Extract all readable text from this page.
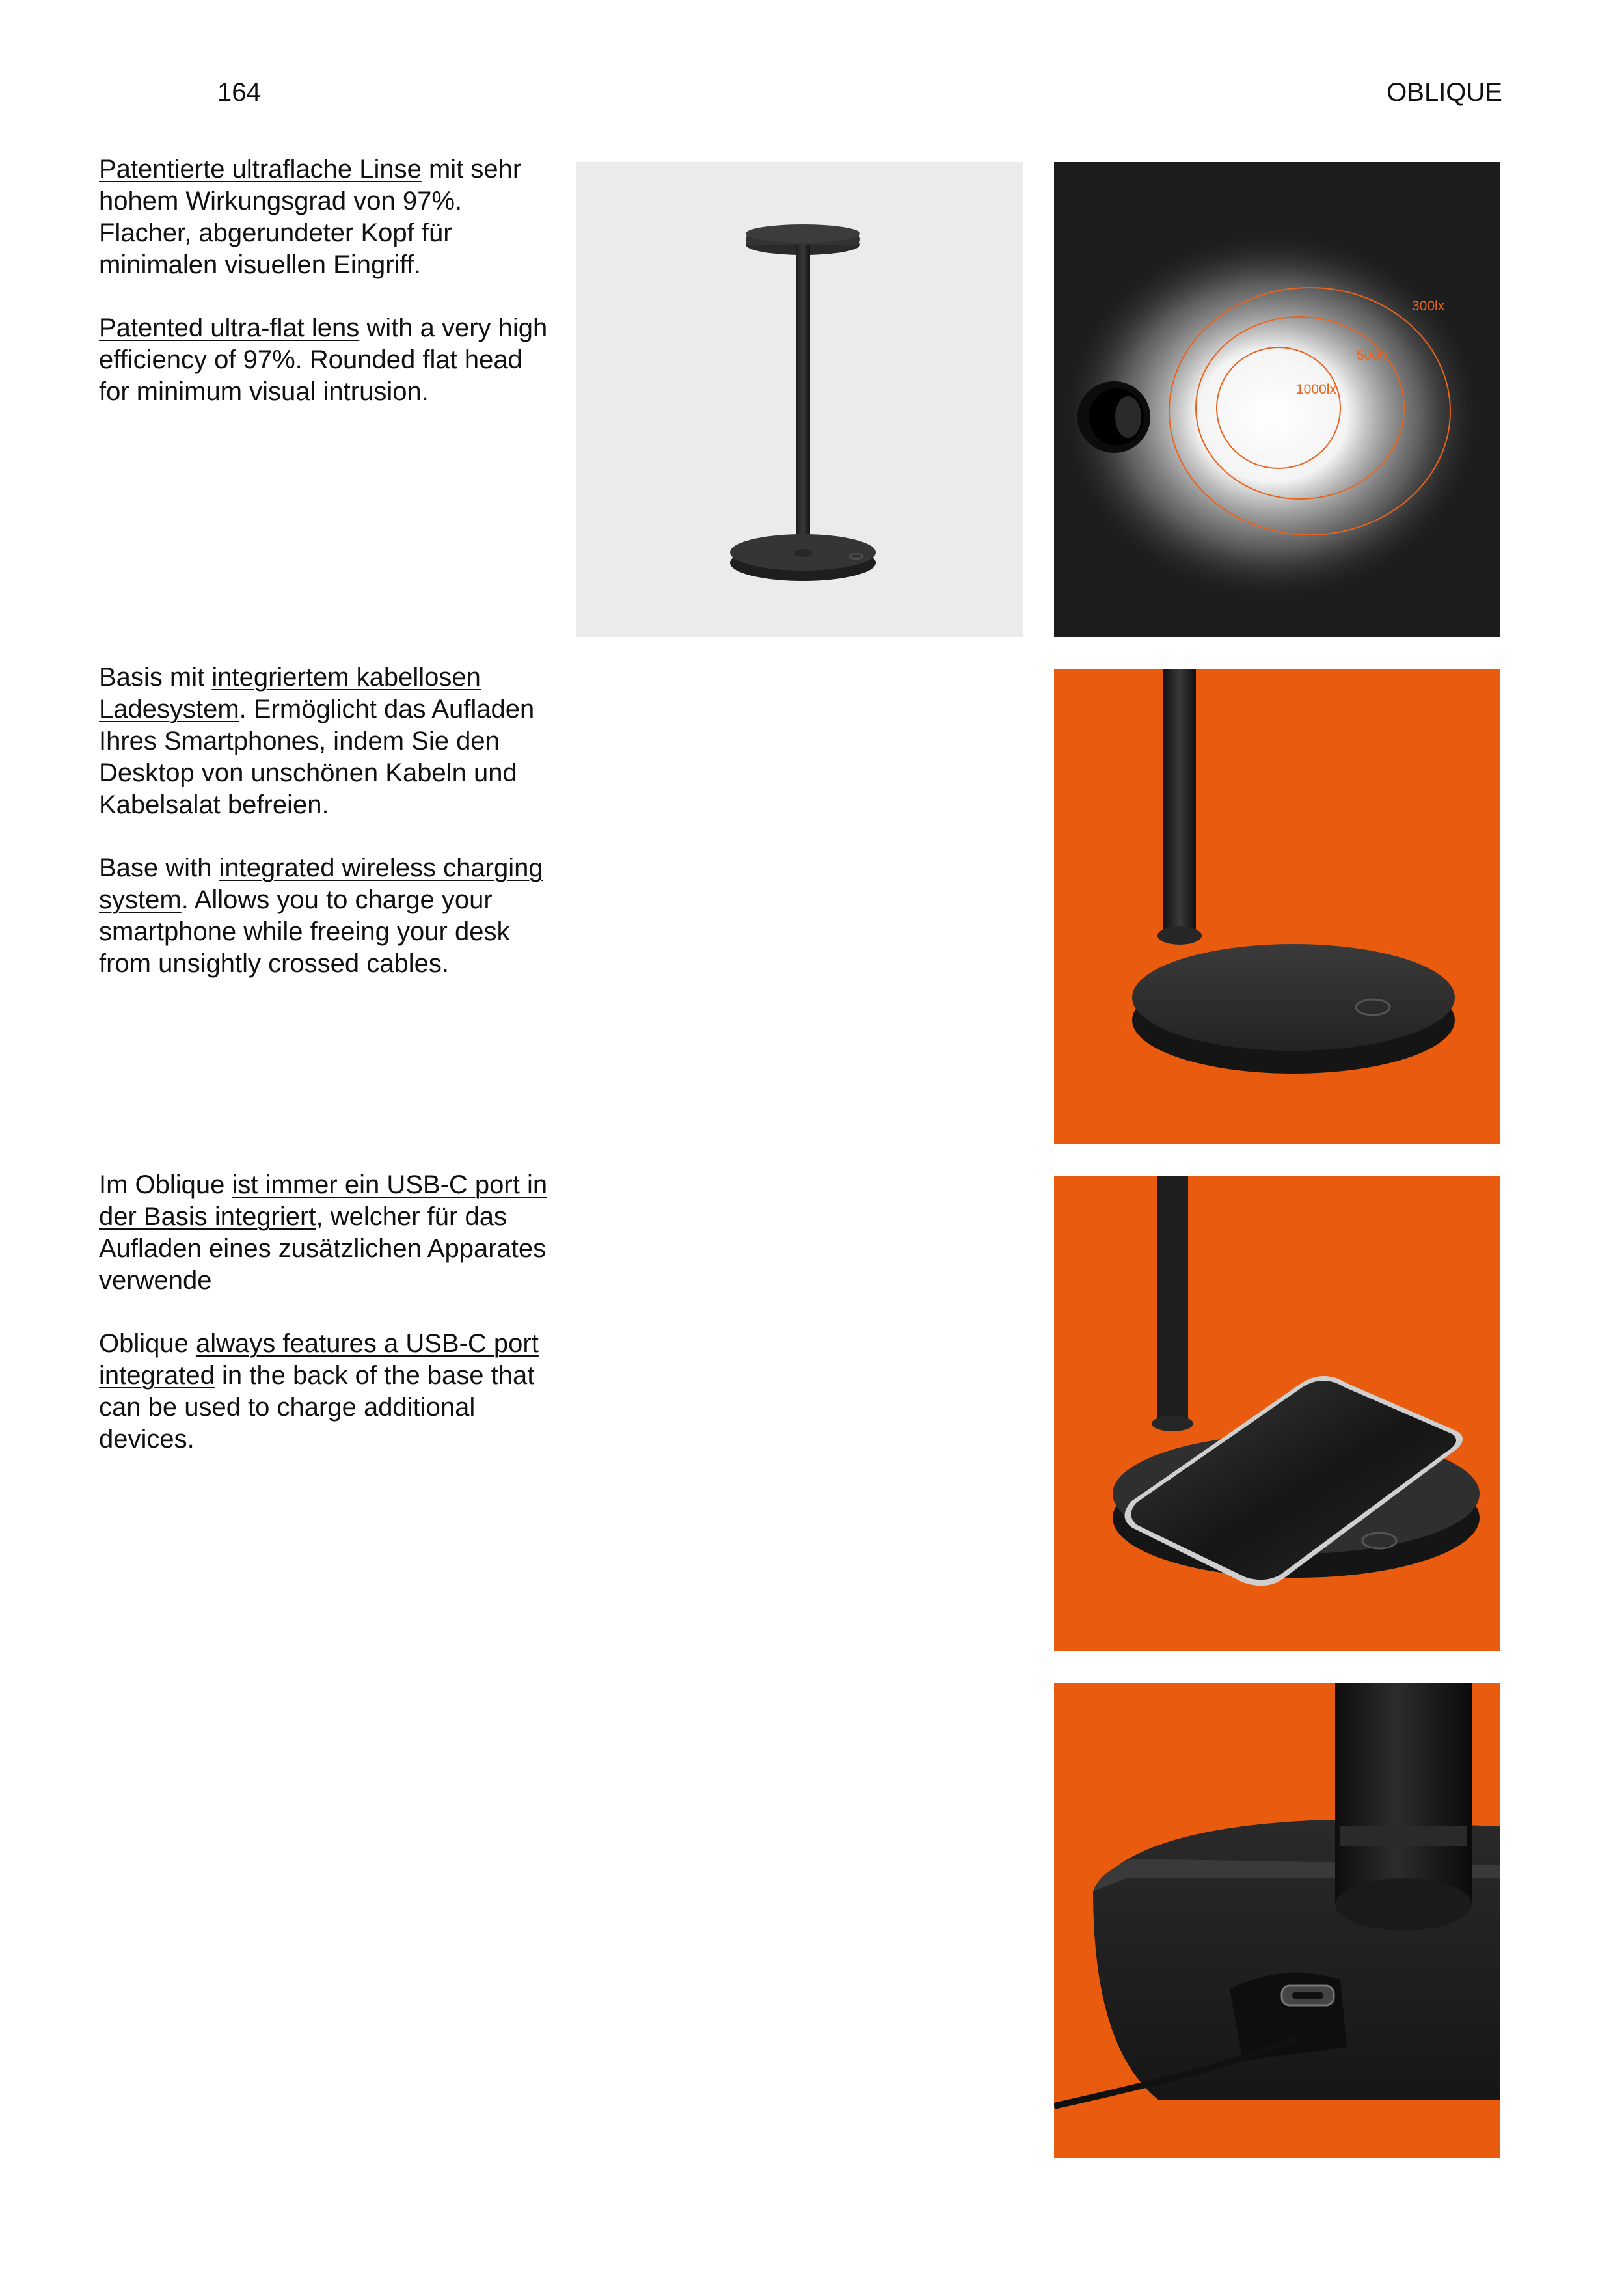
164	OBLIQUE

Patentierte ultraflache Linse mit sehr hohem Wirkungsgrad von 97%. Flacher, abgerundeter Kopf für minimalen visuellen Eingriff.

Patented ultra-flat lens with a very high efficiency of 97%. Rounded flat head for minimum visual intrusion.

Basis mit integriertem kabellosen Ladesystem. Ermöglicht das Aufladen Ihres Smartphones, indem Sie den Desktop von unschönen Kabeln und Kabelsalat befreien.

Base with integrated wireless charging system. Allows you to charge your smartphone while freeing your desk from unsightly crossed cables.

Im Oblique ist immer ein USB-C port in der Basis integriert, welcher für das Aufladen eines zusätzlichen Apparates verwende

Oblique always features a USB-C port integrated in the back of the base that can be used to charge additional devices.

300lx
500lx
1000lx
